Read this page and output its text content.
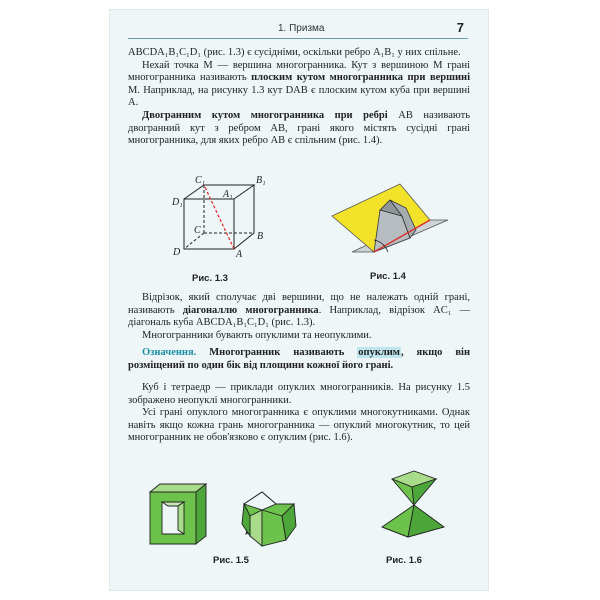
1. Призма	7

ABCDA₁B₁C₁D₁ (рис. 1.3) є сусідніми, оскільки ребро A₁B₁ у них спільне.

Нехай точка M — вершина многогранника. Кут з вершиною M грані многогранника називають плоским кутом многогранника при вершині M. Наприклад, на рисунку 1.3 кут DAB є плоским кутом куба при вершині A.

Двогранним кутом многогранника при ребрі AB називають двогранний кут з ребром AB, грані якого містять сусідні грані многогранника, для яких ребро AB є спільним (рис. 1.4).

C₁	B₁
D₁
A₁
C
B
D	A
Рис. 1.3	Рис. 1.4

Відрізок, який сполучає дві вершини, що не належать одній грані, називають діагоналлю многогранника. Наприклад, відрізок AC₁ — діагональ куба ABCDA₁B₁C₁D₁ (рис. 1.3).

Многогранники бувають опуклими та неопуклими.

Означення. Многогранник називають опуклим, якщо він розміщений по один бік від площини кожної його грані.

Куб і тетраедр — приклади опуклих многогранників. На рисунку 1.5 зображено неопуклі многогранники.

Усі грані опуклого многогранника є опуклими многокутниками. Однак навіть якщо кожна грань многогранника — опуклий многокутник, то цей многогранник не обов'язково є опуклим (рис. 1.6).

Рис. 1.5	Рис. 1.6
